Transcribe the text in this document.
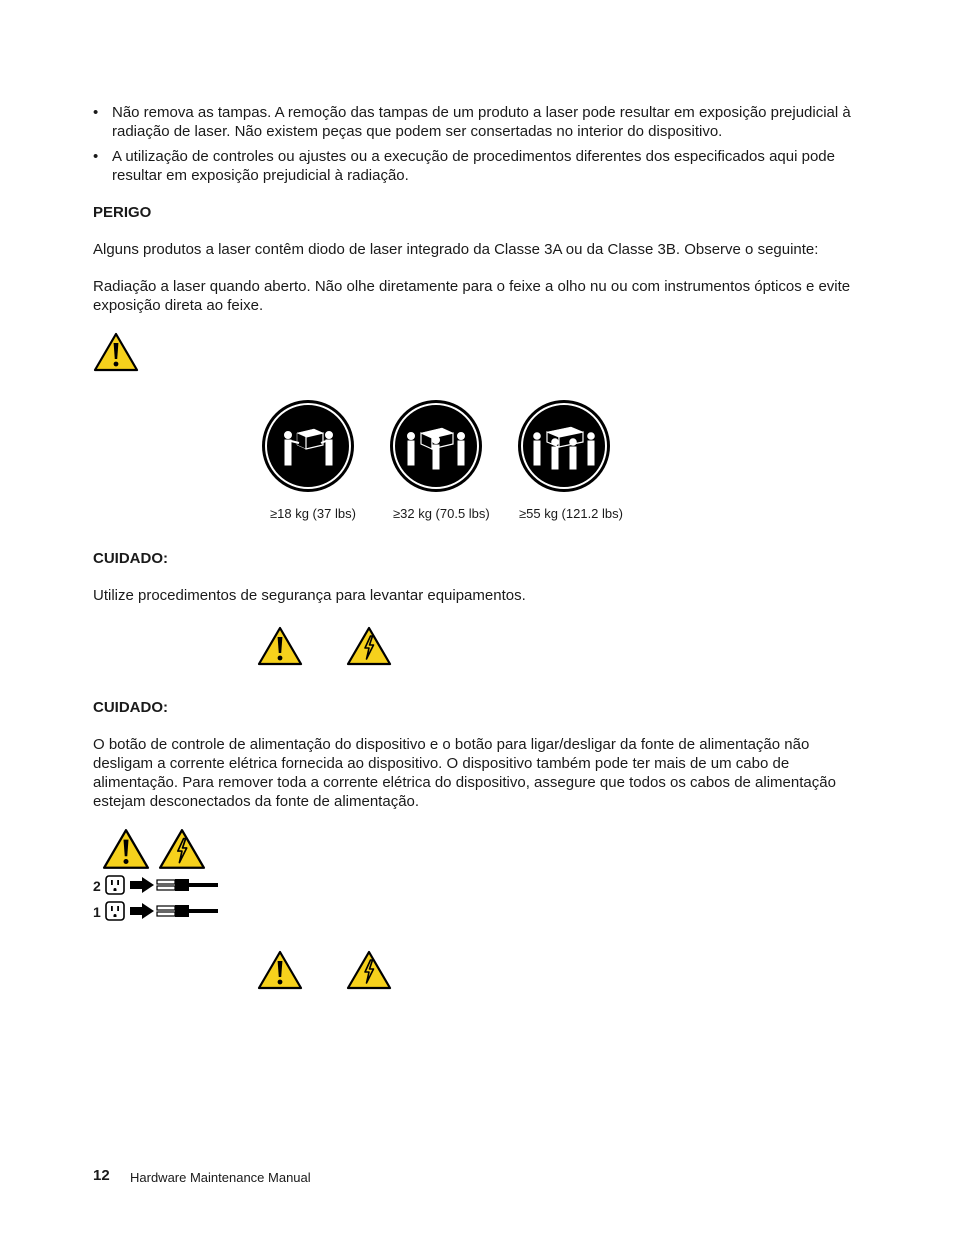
• Não remova as tampas. A remoção das tampas de um produto a laser pode resultar em exposição prejudicial à radiação de laser. Não existem peças que podem ser consertadas no interior do dispositivo.
• A utilização de controles ou ajustes ou a execução de procedimentos diferentes dos especificados aqui pode resultar em exposição prejudicial à radiação.

PERIGO

Alguns produtos a laser contêm diodo de laser integrado da Classe 3A ou da Classe 3B. Observe o seguinte:

Radiação a laser quando aberto. Não olhe diretamente para o feixe a olho nu ou com instrumentos ópticos e evite exposição direta ao feixe.

≥18 kg (37 lbs)	≥32 kg (70.5 lbs) ≥55 kg (121.2 lbs)

CUIDADO:

Utilize procedimentos de segurança para levantar equipamentos.

CUIDADO:

O botão de controle de alimentação do dispositivo e o botão para ligar/desligar da fonte de alimentação não desligam a corrente elétrica fornecida ao dispositivo. O dispositivo também pode ter mais de um cabo de alimentação. Para remover toda a corrente elétrica do dispositivo, assegure que todos os cabos de alimentação estejam desconectados da fonte de alimentação.

2
1
12 Hardware Maintenance Manual
